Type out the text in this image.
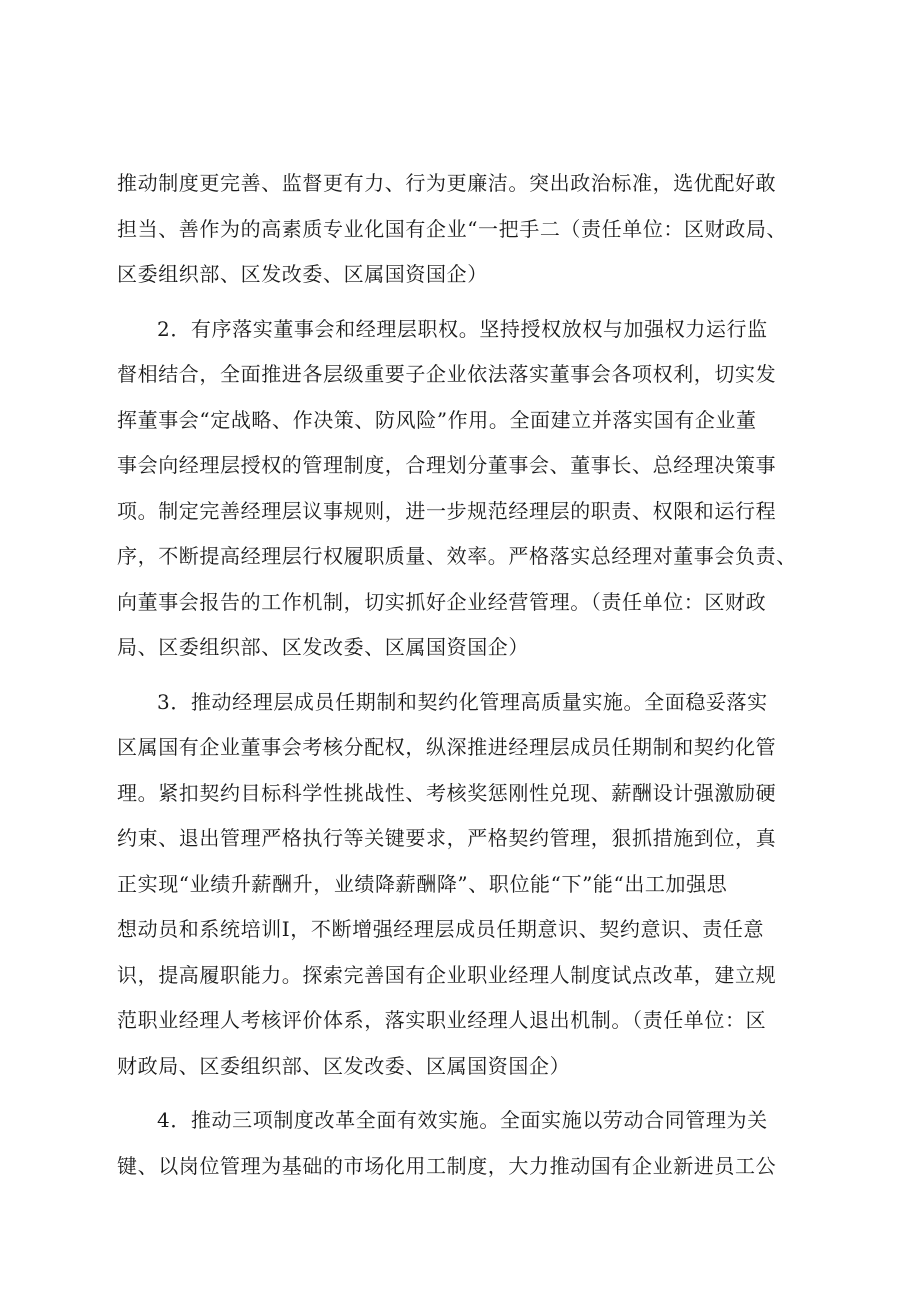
推动制度更完善、监督更有力、行为更廉洁。突出政治标准，选优配好敢
担当、善作为的高素质专业化国有企业“一把手二（责任单位：区财政局、
区委组织部、区发改委、区属国资国企）
2．有序落实董事会和经理层职权。坚持授权放权与加强权力运行监
督相结合，全面推进各层级重要子企业依法落实董事会各项权利，切实发
挥董事会“定战略、作决策、防风险”作用。全面建立并落实国有企业董
事会向经理层授权的管理制度，合理划分董事会、董事长、总经理决策事
项。制定完善经理层议事规则，进一步规范经理层的职责、权限和运行程
序，不断提高经理层行权履职质量、效率。严格落实总经理对董事会负责、
向董事会报告的工作机制，切实抓好企业经营管理。（责任单位：区财政
局、区委组织部、区发改委、区属国资国企）
3．推动经理层成员任期制和契约化管理高质量实施。全面稳妥落实
区属国有企业董事会考核分配权，纵深推进经理层成员任期制和契约化管
理。紧扣契约目标科学性挑战性、考核奖惩刚性兑现、薪酬设计强激励硬
约束、退出管理严格执行等关键要求，严格契约管理，狠抓措施到位，真
正实现“业绩升薪酬升，业绩降薪酬降”、职位能“下”能“出工加强思
想动员和系统培训Ⅰ，不断增强经理层成员任期意识、契约意识、责任意
识，提高履职能力。探索完善国有企业职业经理人制度试点改革，建立规
范职业经理人考核评价体系，落实职业经理人退出机制。（责任单位：区
财政局、区委组织部、区发改委、区属国资国企）
4．推动三项制度改革全面有效实施。全面实施以劳动合同管理为关
键、以岗位管理为基础的市场化用工制度，大力推动国有企业新进员工公
